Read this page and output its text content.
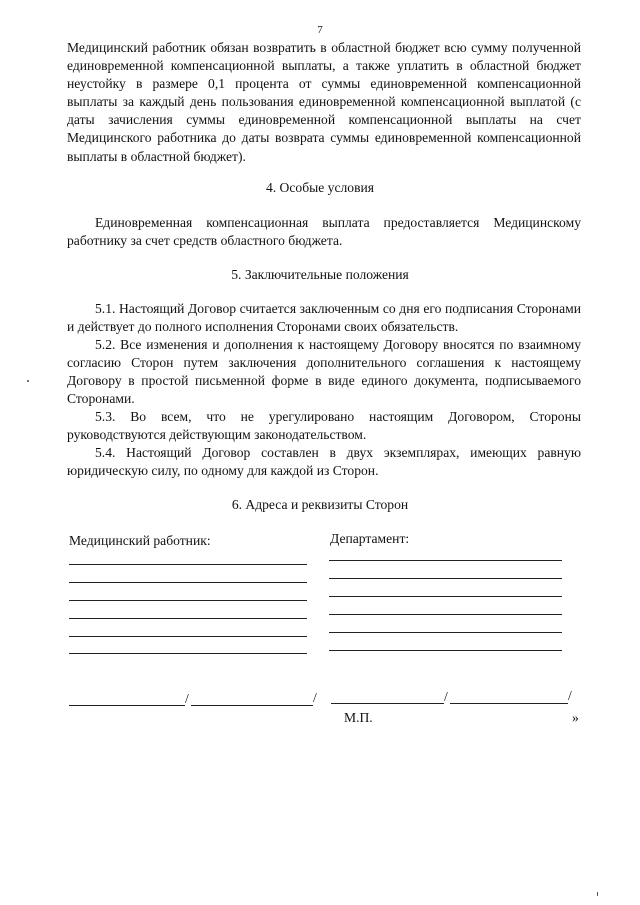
7

Медицинский работник обязан возвратить в областной бюджет всю сумму полученной единовременной компенсационной выплаты, а также уплатить в областной бюджет неустойку в размере 0,1 процента от суммы единовременной компенсационной выплаты за каждый день пользования единовременной компенсационной выплатой (с даты зачисления суммы единовременной компенсационной выплаты на счет Медицинского работника до даты возврата суммы единовременной компенсационной выплаты в областной бюджет).

4. Особые условия

Единовременная компенсационная выплата предоставляется Медицинскому работнику за счет средств областного бюджета.

5. Заключительные положения

5.1. Настоящий Договор считается заключенным со дня его подписания Сторонами и действует до полного исполнения Сторонами своих обязательств.

5.2. Все изменения и дополнения к настоящему Договору вносятся по взаимному согласию Сторон путем заключения дополнительного соглашения к настоящему Договору в простой письменной форме в виде единого документа, подписываемого Сторонами.

5.3. Во всем, что не урегулировано настоящим Договором, Стороны руководствуются действующим законодательством.

5.4. Настоящий Договор составлен в двух экземплярах, имеющих равную юридическую силу, по одному для каждой из Сторон.

6. Адреса и реквизиты Сторон

Медицинский работник:	Департамент:
/	/	/	/
М.П.	»
